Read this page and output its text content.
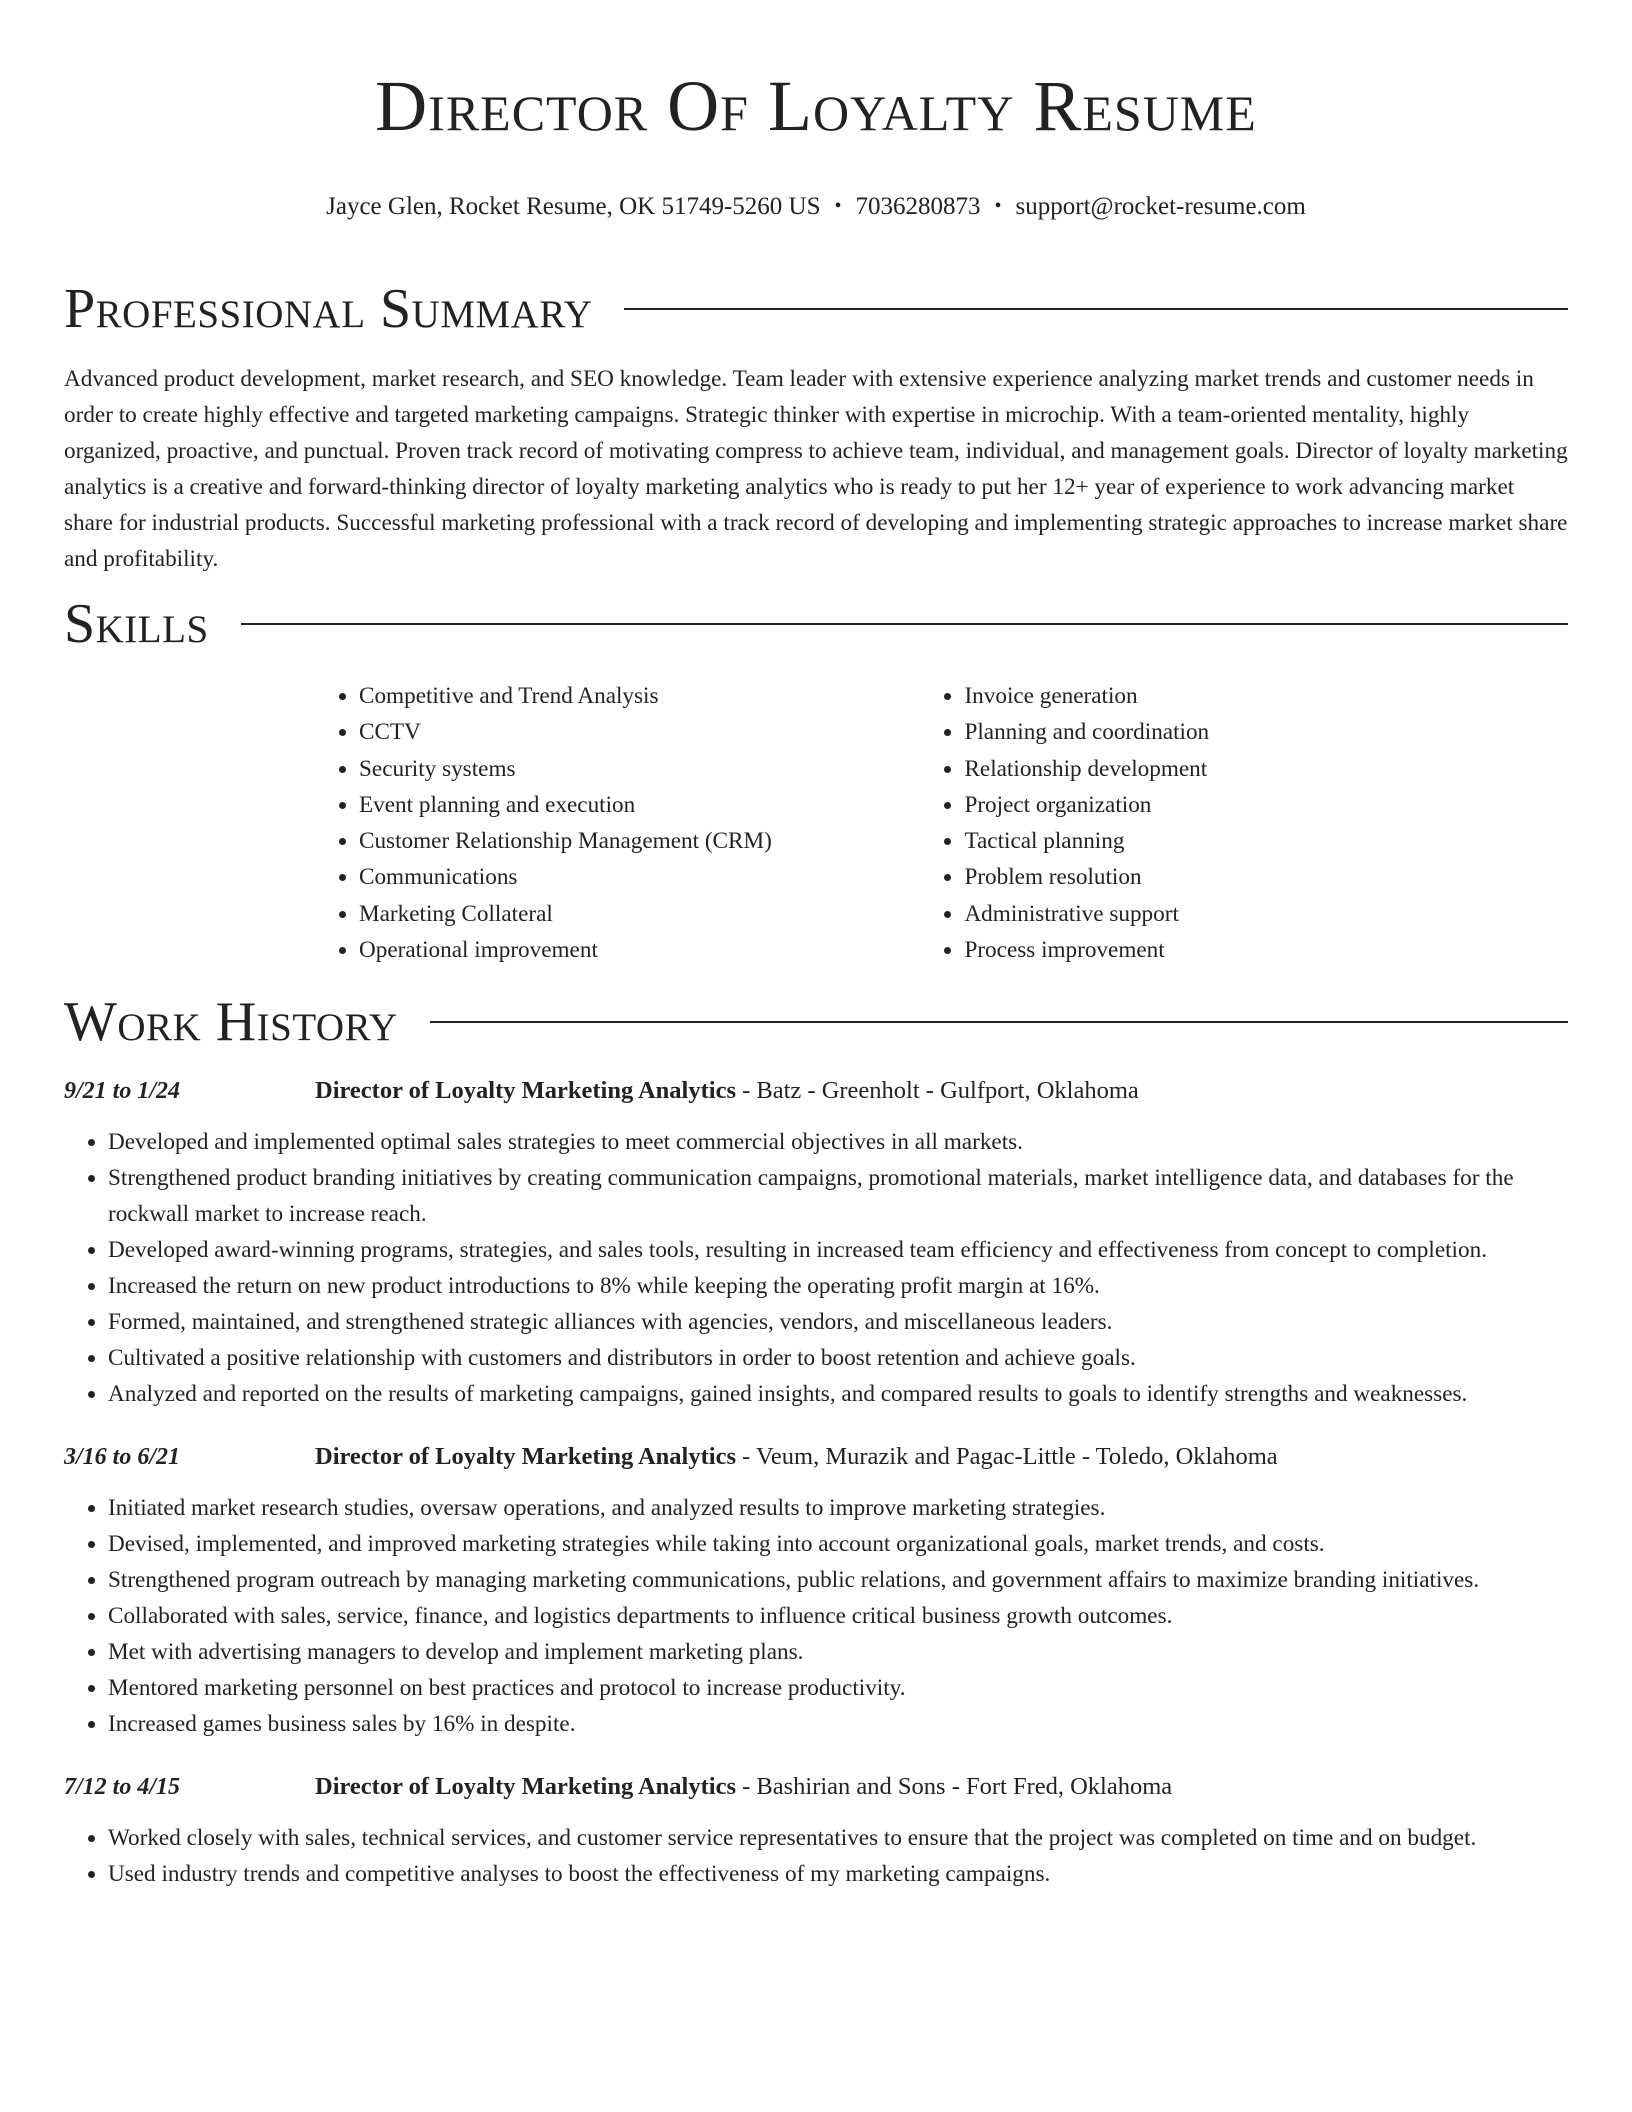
Director Of Loyalty Resume
Jayce Glen, Rocket Resume, OK 51749-5260 US • 7036280873 • support@rocket-resume.com
Professional Summary

Advanced product development, market research, and SEO knowledge. Team leader with extensive experience analyzing market trends and customer needs in order to create highly effective and targeted marketing campaigns. Strategic thinker with expertise in microchip. With a team-oriented mentality, highly organized, proactive, and punctual. Proven track record of motivating compress to achieve team, individual, and management goals. Director of loyalty marketing analytics is a creative and forward-thinking director of loyalty marketing analytics who is ready to put her 12+ year of experience to work advancing market share for industrial products. Successful marketing professional with a track record of developing and implementing strategic approaches to increase market share and profitability.

Skills
• Competitive and Trend Analysis
• CCTV
• Security systems
• Event planning and execution
• Customer Relationship Management (CRM)
• Communications
• Marketing Collateral
• Operational improvement
• Invoice generation
• Planning and coordination
• Relationship development
• Project organization
• Tactical planning
• Problem resolution
• Administrative support
• Process improvement
Work History
9/21 to 1/24	Director of Loyalty Marketing Analytics - Batz - Greenholt - Gulfport, Oklahoma
• Developed and implemented optimal sales strategies to meet commercial objectives in all markets.
• Strengthened product branding initiatives by creating communication campaigns, promotional materials, market intelligence data, and databases for the rockwall market to increase reach.
• Developed award-winning programs, strategies, and sales tools, resulting in increased team efficiency and effectiveness from concept to completion.
• Increased the return on new product introductions to 8% while keeping the operating profit margin at 16%.
• Formed, maintained, and strengthened strategic alliances with agencies, vendors, and miscellaneous leaders.
• Cultivated a positive relationship with customers and distributors in order to boost retention and achieve goals.
• Analyzed and reported on the results of marketing campaigns, gained insights, and compared results to goals to identify strengths and weaknesses.
3/16 to 6/21	Director of Loyalty Marketing Analytics - Veum, Murazik and Pagac-Little - Toledo, Oklahoma
• Initiated market research studies, oversaw operations, and analyzed results to improve marketing strategies.
• Devised, implemented, and improved marketing strategies while taking into account organizational goals, market trends, and costs.
• Strengthened program outreach by managing marketing communications, public relations, and government affairs to maximize branding initiatives.
• Collaborated with sales, service, finance, and logistics departments to influence critical business growth outcomes.
• Met with advertising managers to develop and implement marketing plans.
• Mentored marketing personnel on best practices and protocol to increase productivity.
• Increased games business sales by 16% in despite.
7/12 to 4/15	Director of Loyalty Marketing Analytics - Bashirian and Sons - Fort Fred, Oklahoma
• Worked closely with sales, technical services, and customer service representatives to ensure that the project was completed on time and on budget.
• Used industry trends and competitive analyses to boost the effectiveness of my marketing campaigns.
